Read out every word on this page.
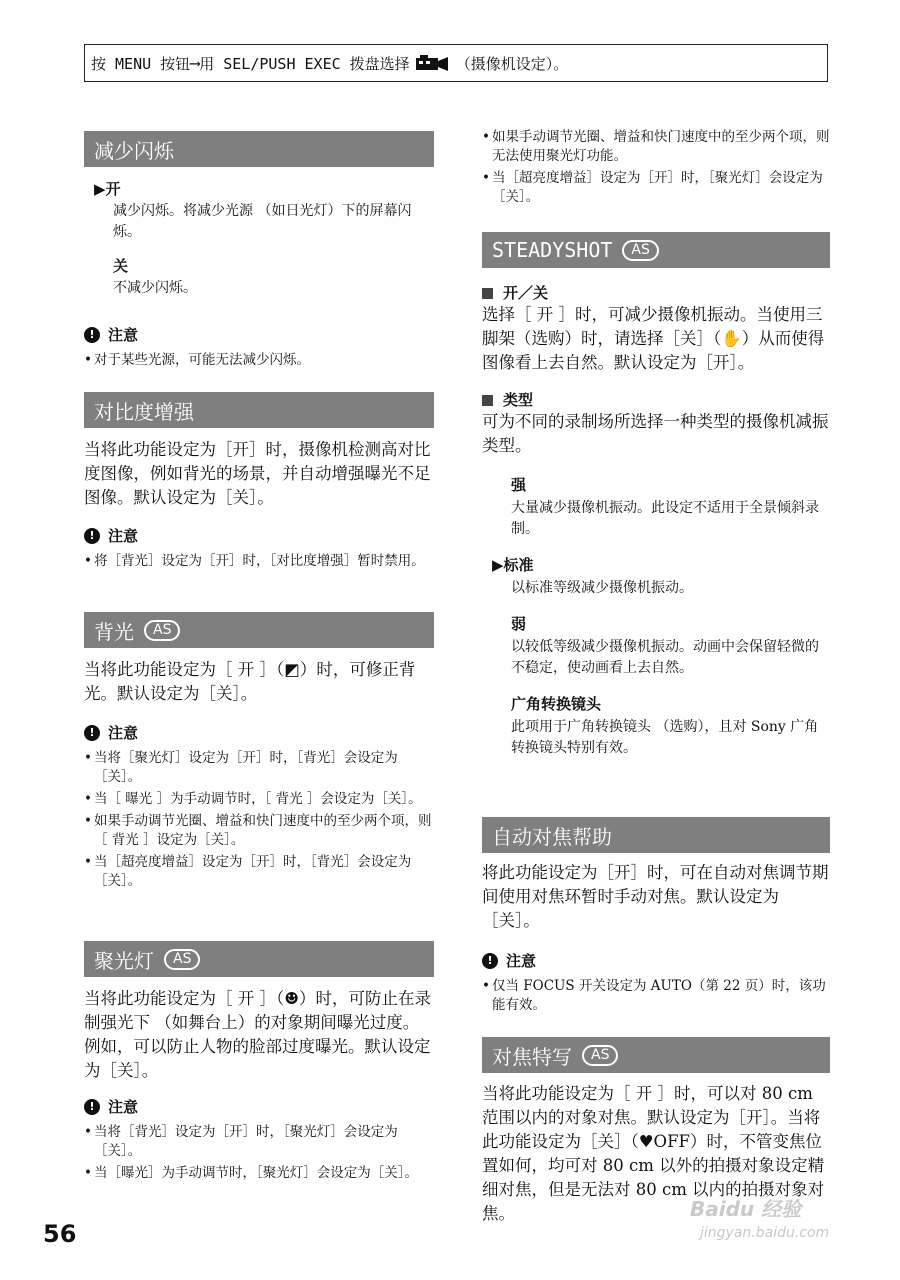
按 MENU 按钮 ⟶ 用 SEL/PUSH EXEC 拨盘选择	（摄像机设定）。
减少闪烁
▶开
减少闪烁。将减少光源 （如日光灯）下的屏幕闪烁。
关
不减少闪烁。
! 注意
• 对于某些光源，可能无法减少闪烁。
对比度增强
当将此功能设定为［开］时，摄像机检测高对比度图像，例如背光的场景，并自动增强曝光不足图像。默认设定为［关］。
! 注意
• 将［背光］设定为［开］时，［对比度增强］暂时禁用。
背光	AS
当将此功能设定为［ 开 ］（◩）时，可修正背光。默认设定为［关］。
! 注意
• 当将［聚光灯］设定为［开］时，［背光］会设定为［关］。
• 当［ 曝光 ］为手动调节时，［ 背光 ］会设定为［关］。
• 如果手动调节光圈、增益和快门速度中的至少两个项，则［ 背光 ］设定为［关］。
• 当［超亮度增益］设定为［开］时，［背光］会设定为［关］。
聚光灯	AS
当将此功能设定为［ 开 ］（☻）时，可防止在录制强光下 （如舞台上）的对象期间曝光过度。例如，可以防止人物的脸部过度曝光。默认设定为［关］。
! 注意
• 当将［背光］设定为［开］时，［聚光灯］会设定为［关］。
• 当［曝光］为手动调节时，［聚光灯］会设定为［关］。
• 如果手动调节光圈、增益和快门速度中的至少两个项，则无法使用聚光灯功能。
• 当［超亮度增益］设定为［开］时，［聚光灯］会设定为［关］。
STEADYSHOT	AS
开／关
选择［ 开 ］时，可减少摄像机振动。当使用三脚架（选购）时，请选择［关］（✋）从而使得图像看上去自然。默认设定为［开］。
类型
可为不同的录制场所选择一种类型的摄像机减振类型。
强
大量减少摄像机振动。此设定不适用于全景倾斜录制。
▶标准
以标准等级减少摄像机振动。
弱
以较低等级减少摄像机振动。动画中会保留轻微的不稳定，使动画看上去自然。
广角转换镜头
此项用于广角转换镜头 （选购），且对 Sony 广角转换镜头特别有效。
自动对焦帮助
将此功能设定为［开］时，可在自动对焦调节期间使用对焦环暂时手动对焦。默认设定为［关］。
! 注意
• 仅当 FOCUS 开关设定为 AUTO（第 22 页）时，该功能有效。
对焦特写	AS
当将此功能设定为［ 开 ］时，可以对 80 cm 范围以内的对象对焦。默认设定为［开］。当将此功能设定为［关］（♥OFF）时，不管变焦位置如何，均可对 80 cm 以外的拍摄对象设定精细对焦，但是无法对 80 cm 以内的拍摄对象对焦。
56
Baidu 经验
jingyan.baidu.com
